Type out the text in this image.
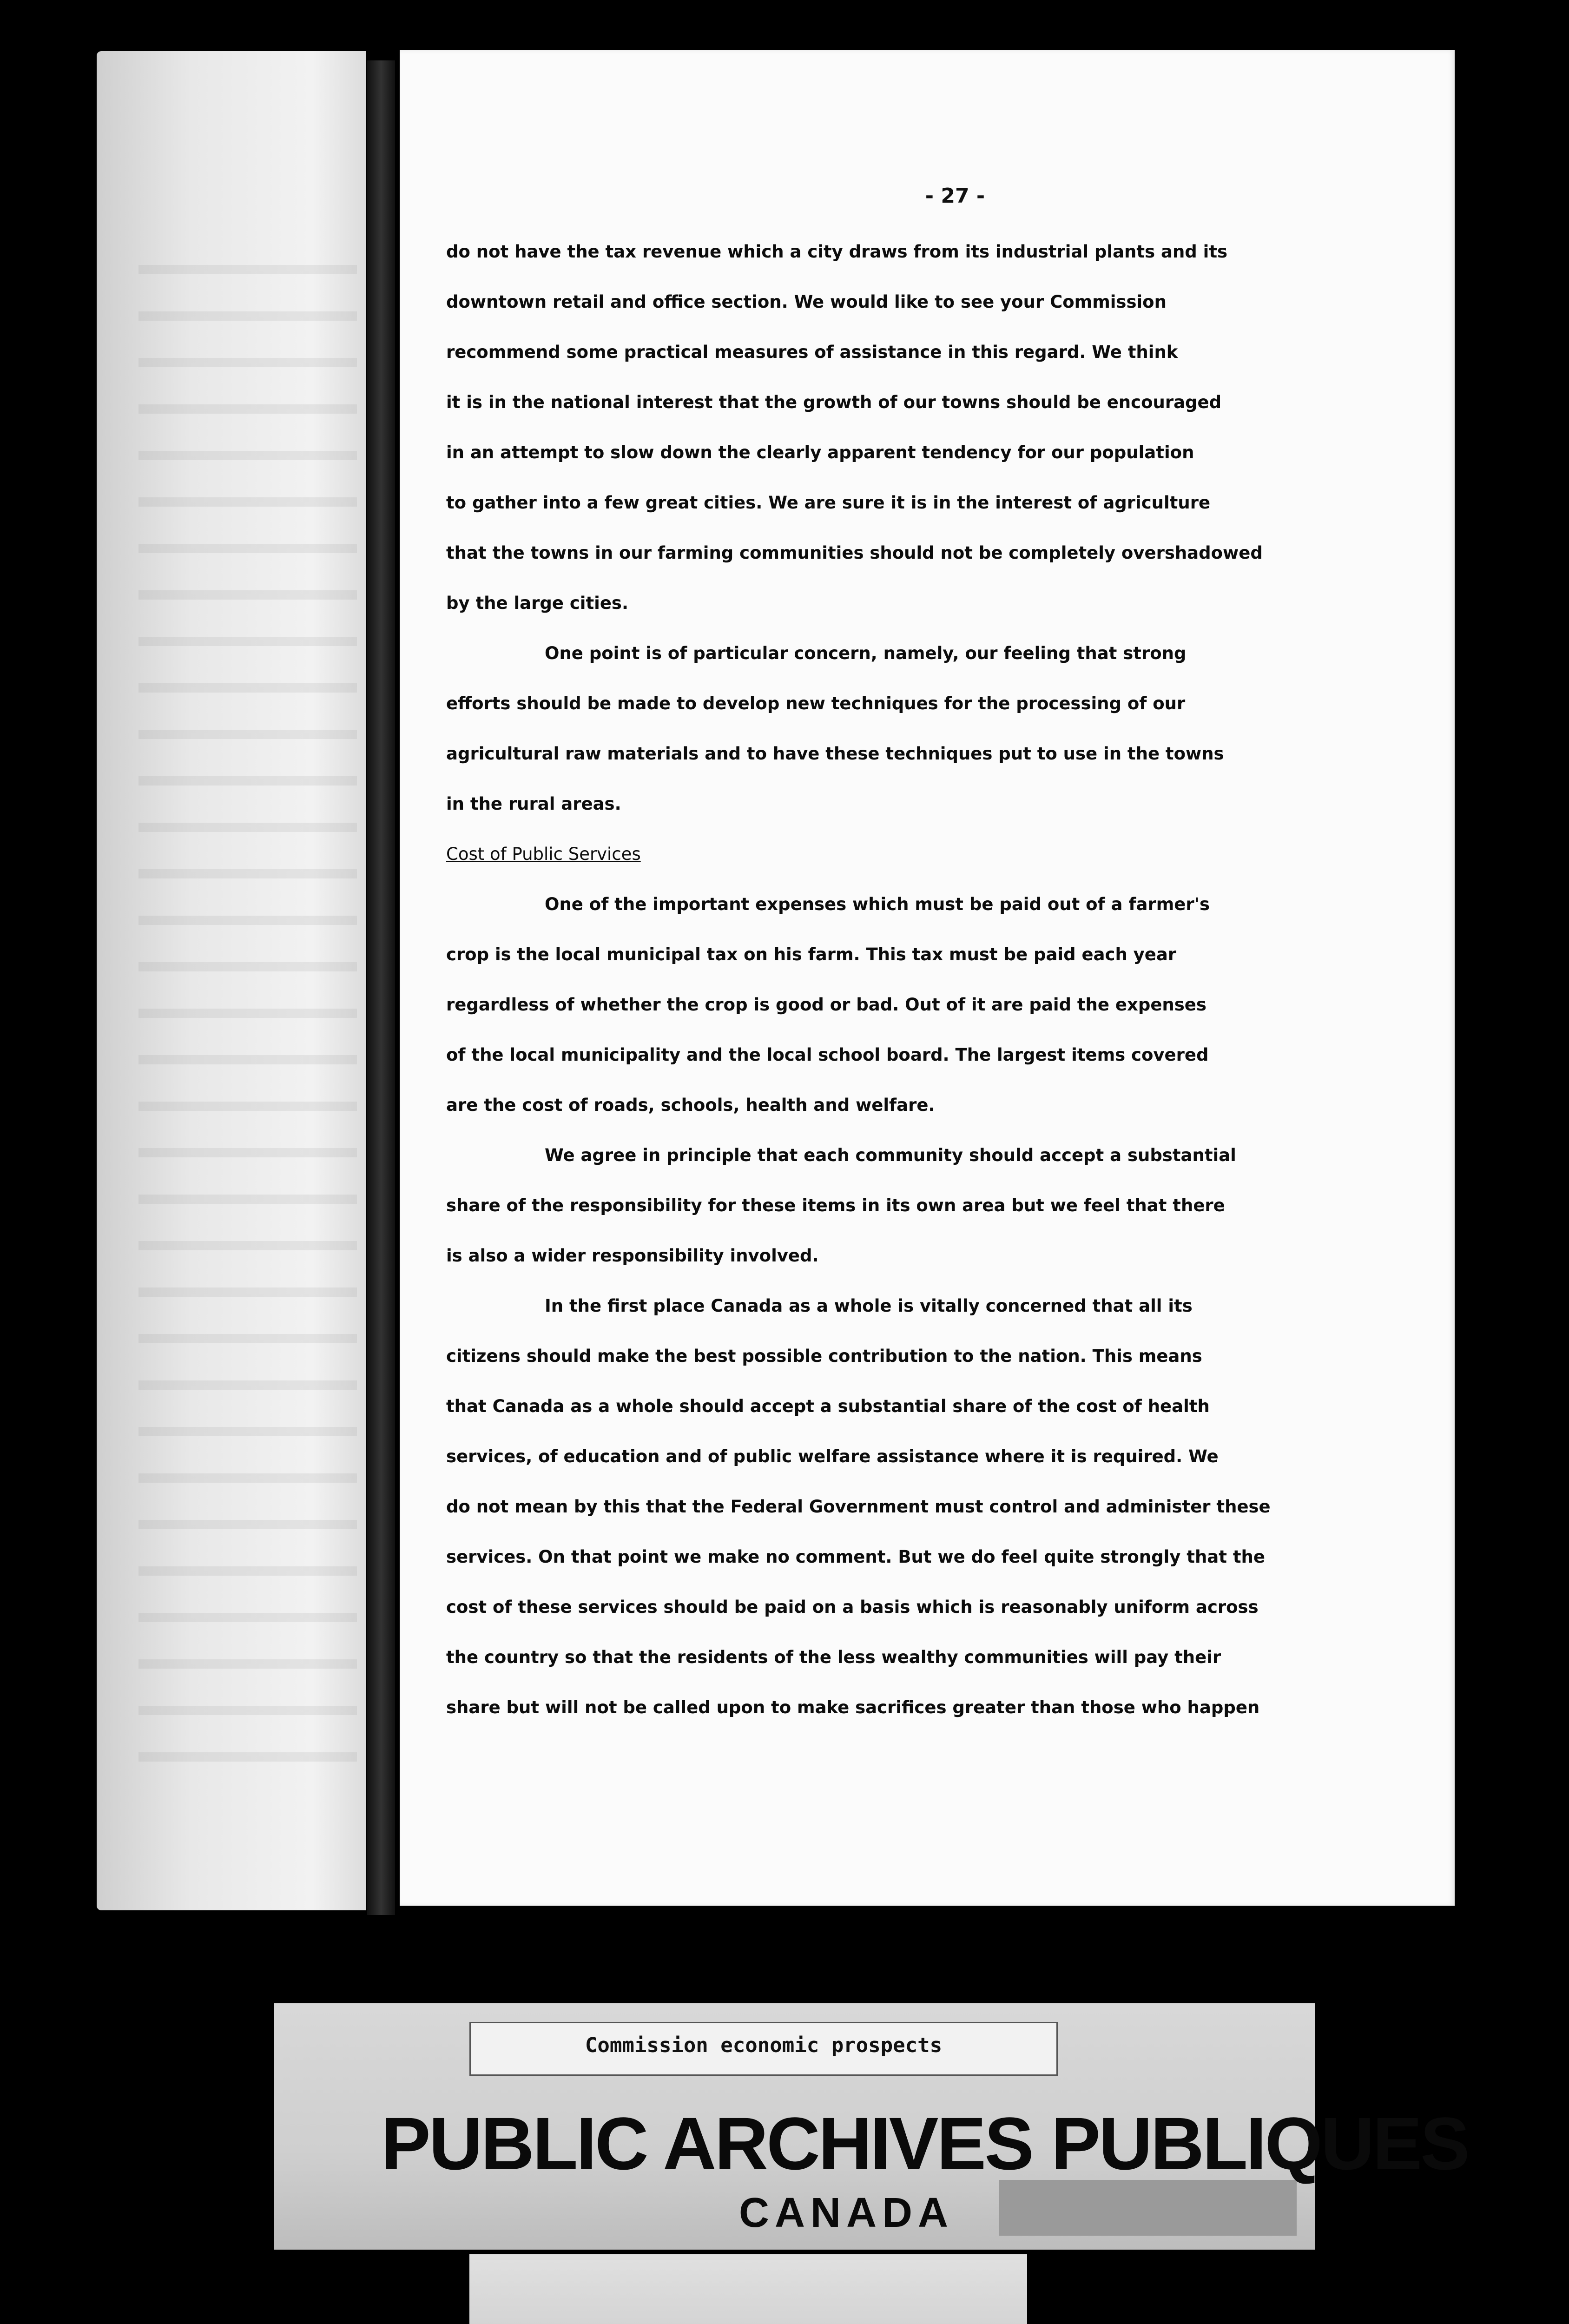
- 27 -
do not have the tax revenue which a city draws from its industrial plants and its
downtown retail and office section. We would like to see your Commission
recommend some practical measures of assistance in this regard. We think
it is in the national interest that the growth of our towns should be encouraged
in an attempt to slow down the clearly apparent tendency for our population
to gather into a few great cities. We are sure it is in the interest of agriculture
that the towns in our farming communities should not be completely overshadowed
by the large cities.
One point is of particular concern, namely, our feeling that strong
efforts should be made to develop new techniques for the processing of our
agricultural raw materials and to have these techniques put to use in the towns
in the rural areas.
Cost of Public Services
One of the important expenses which must be paid out of a farmer's
crop is the local municipal tax on his farm. This tax must be paid each year
regardless of whether the crop is good or bad. Out of it are paid the expenses
of the local municipality and the local school board. The largest items covered
are the cost of roads, schools, health and welfare.
We agree in principle that each community should accept a substantial
share of the responsibility for these items in its own area but we feel that there
is also a wider responsibility involved.
In the first place Canada as a whole is vitally concerned that all its
citizens should make the best possible contribution to the nation. This means
that Canada as a whole should accept a substantial share of the cost of health
services, of education and of public welfare assistance where it is required. We
do not mean by this that the Federal Government must control and administer these
services. On that point we make no comment. But we do feel quite strongly that the
cost of these services should be paid on a basis which is reasonably uniform across
the country so that the residents of the less wealthy communities will pay their
share but will not be called upon to make sacrifices greater than those who happen
Commission economic prospects
PUBLIC ARCHIVES PUBLIQUES
CANADA
